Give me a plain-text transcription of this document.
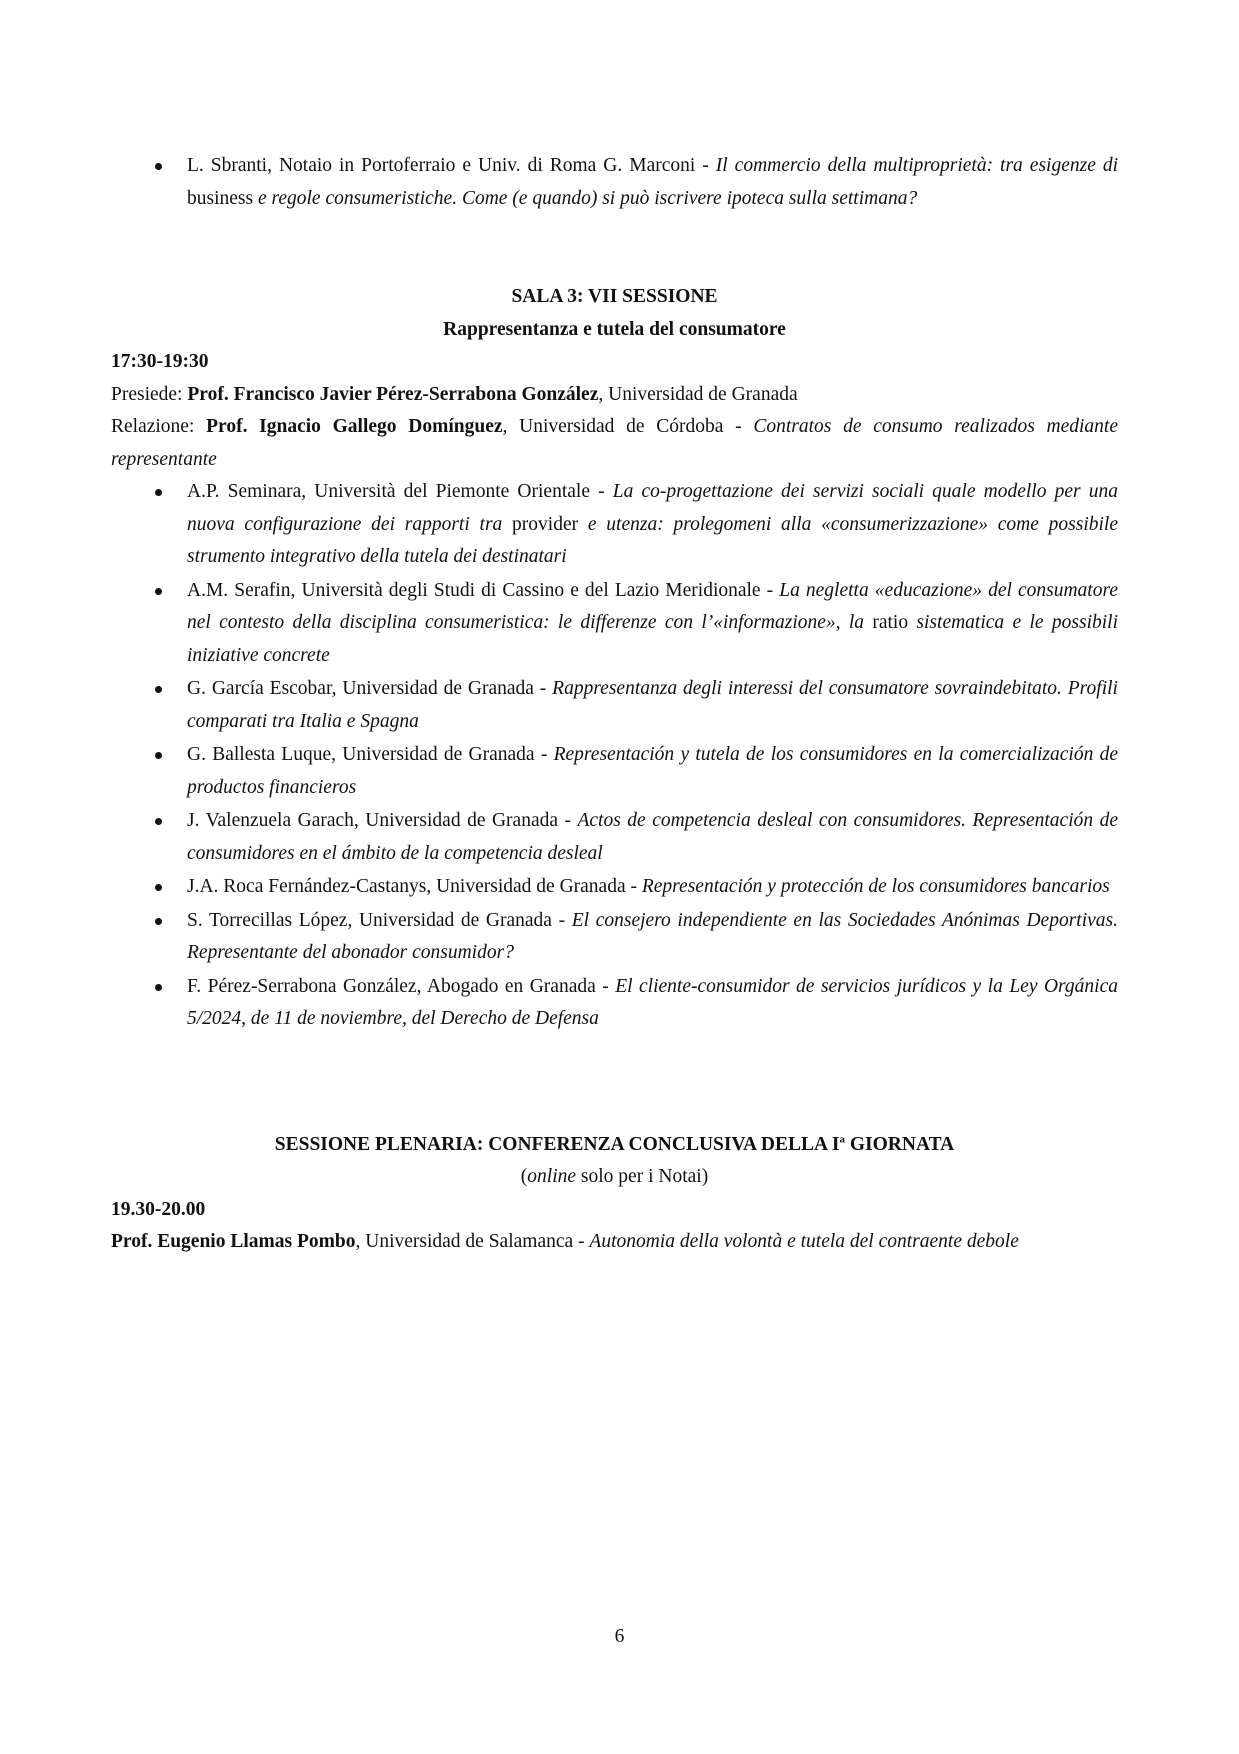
L. Sbranti, Notaio in Portoferraio e Univ. di Roma G. Marconi - Il commercio della multiproprietà: tra esigenze di business e regole consumeristiche. Come (e quando) si può iscrivere ipoteca sulla settimana?
SALA 3: VII SESSIONE
Rappresentanza e tutela del consumatore
17:30-19:30
Presiede: Prof. Francisco Javier Pérez-Serrabona González, Universidad de Granada
Relazione: Prof. Ignacio Gallego Domínguez, Universidad de Córdoba - Contratos de consumo realizados mediante representante
A.P. Seminara, Università del Piemonte Orientale - La co-progettazione dei servizi sociali quale modello per una nuova configurazione dei rapporti tra provider e utenza: prolegomeni alla «consumerizzazione» come possibile strumento integrativo della tutela dei destinatari
A.M. Serafin, Università degli Studi di Cassino e del Lazio Meridionale - La negletta «educazione» del consumatore nel contesto della disciplina consumeristica: le differenze con l’«informazione», la ratio sistematica e le possibili iniziative concrete
G. García Escobar, Universidad de Granada - Rappresentanza degli interessi del consumatore sovraindebitato. Profili comparati tra Italia e Spagna
G. Ballesta Luque, Universidad de Granada - Representación y tutela de los consumidores en la comercialización de productos financieros
J. Valenzuela Garach, Universidad de Granada - Actos de competencia desleal con consumidores. Representación de consumidores en el ámbito de la competencia desleal
J.A. Roca Fernández-Castanys, Universidad de Granada - Representación y protección de los consumidores bancarios
S. Torrecillas López, Universidad de Granada - El consejero independiente en las Sociedades Anónimas Deportivas. Representante del abonador consumidor?
F. Pérez-Serrabona González, Abogado en Granada - El cliente-consumidor de servicios jurídicos y la Ley Orgánica 5/2024, de 11 de noviembre, del Derecho de Defensa
SESSIONE PLENARIA: CONFERENZA CONCLUSIVA DELLA $I^a$ GIORNATA
(online solo per i Notai)
19.30-20.00
Prof. Eugenio Llamas Pombo, Universidad de Salamanca - Autonomia della volontà e tutela del contraente debole
6
